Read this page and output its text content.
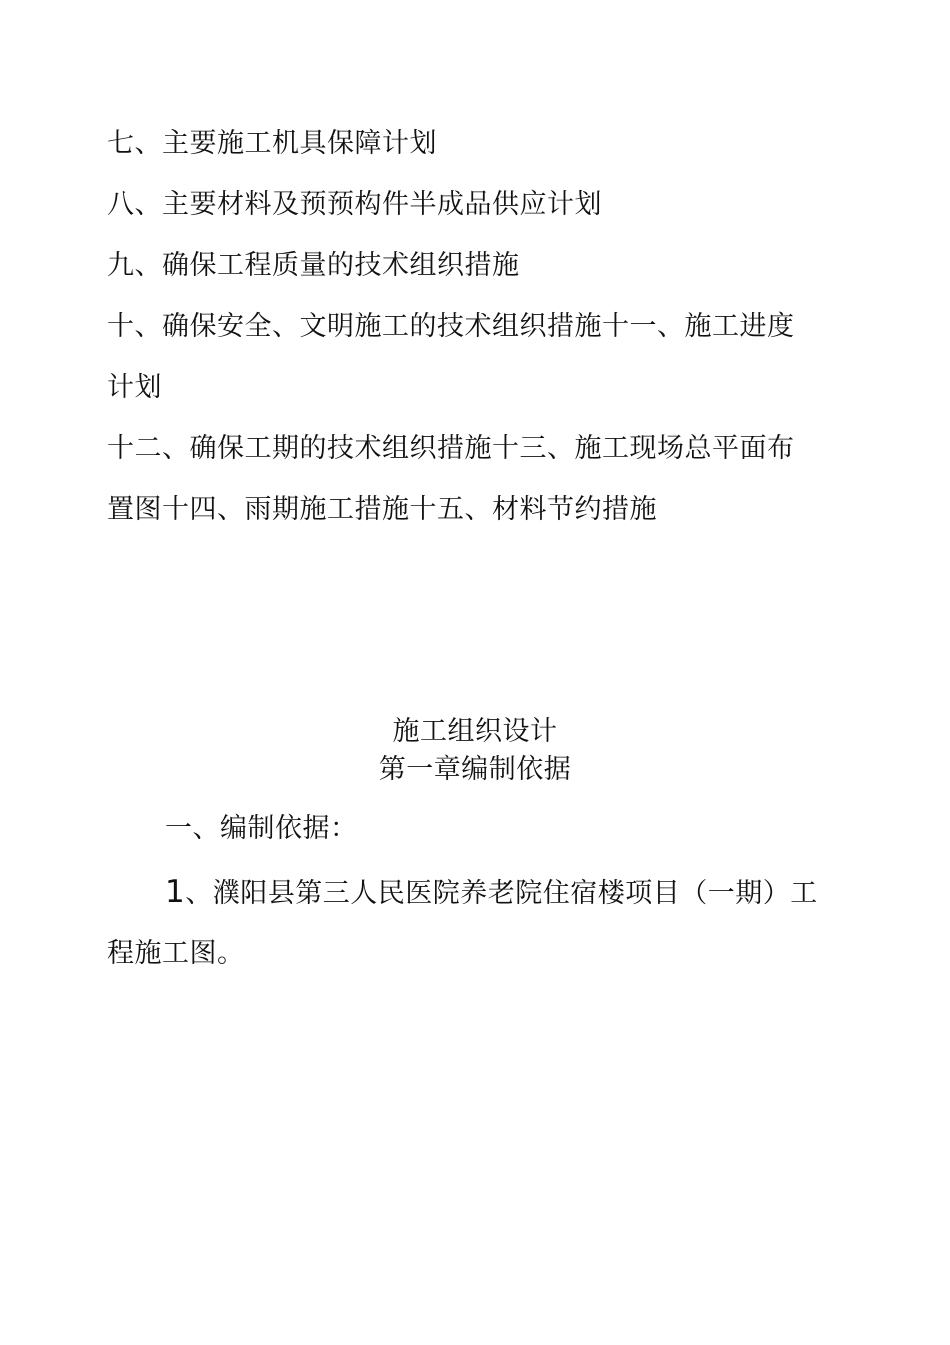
七、主要施工机具保障计划
八、主要材料及预预构件半成品供应计划
九、确保工程质量的技术组织措施
十、确保安全、文明施工的技术组织措施十一、施工进度
计划
十二、确保工期的技术组织措施十三、施工现场总平面布
置图十四、雨期施工措施十五、材料节约措施
施工组织设计
第一章编制依据
一、编制依据：
1、濮阳县第三人民医院养老院住宿楼项目（一期）工
程施工图。
